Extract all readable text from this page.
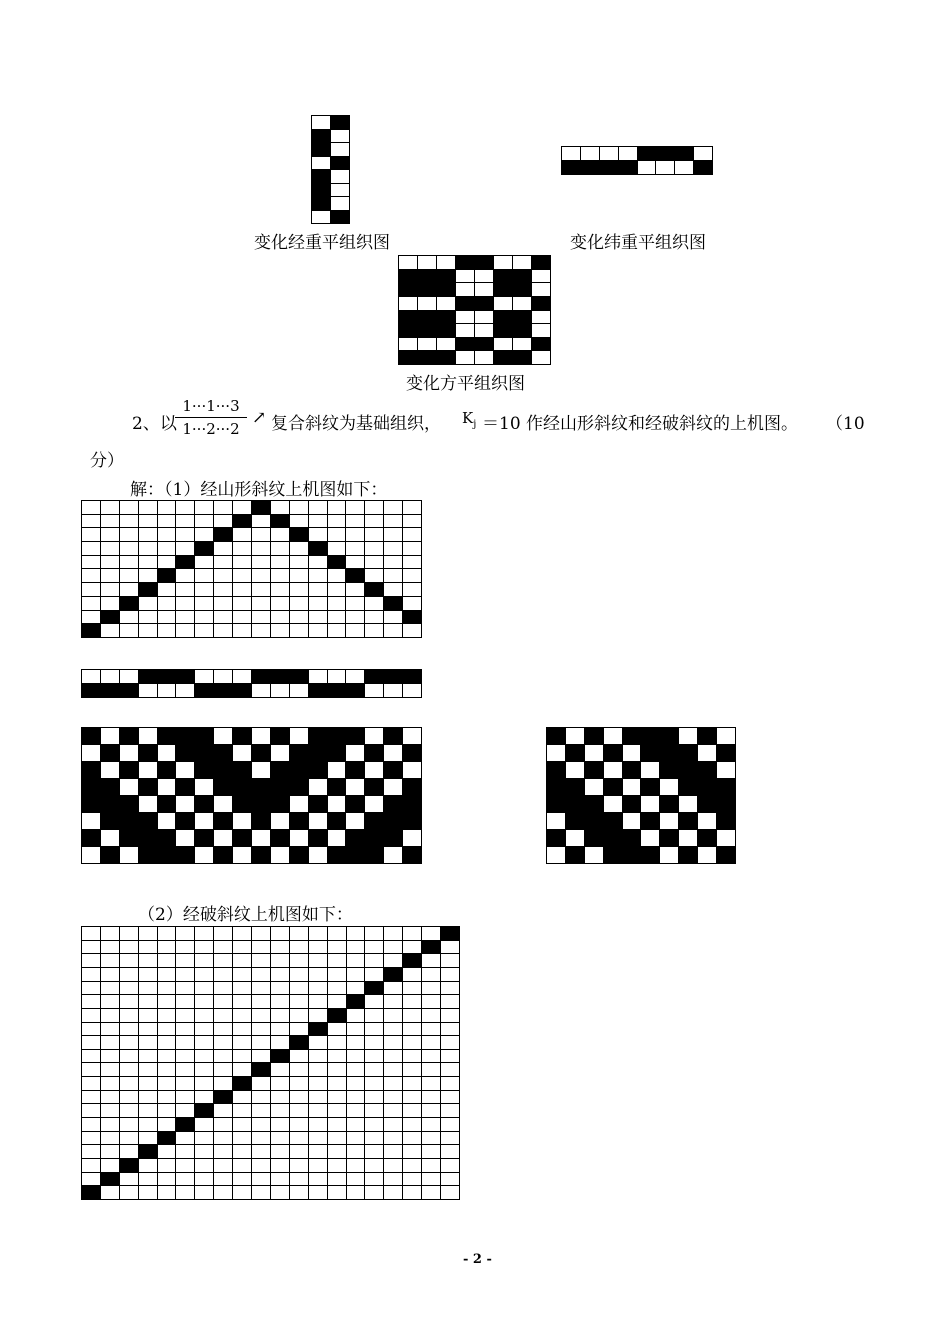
变化经重平组织图	变化纬重平组织图
变化方平组织图
2、以
1···1···3
1···2···2
↗ 复合斜纹为基础组织， $K_j =10$ 作经山形斜纹和经破斜纹的上机图。 （10
分）
解：（1）经山形斜纹上机图如下：
（2）经破斜纹上机图如下：
- 2 -
